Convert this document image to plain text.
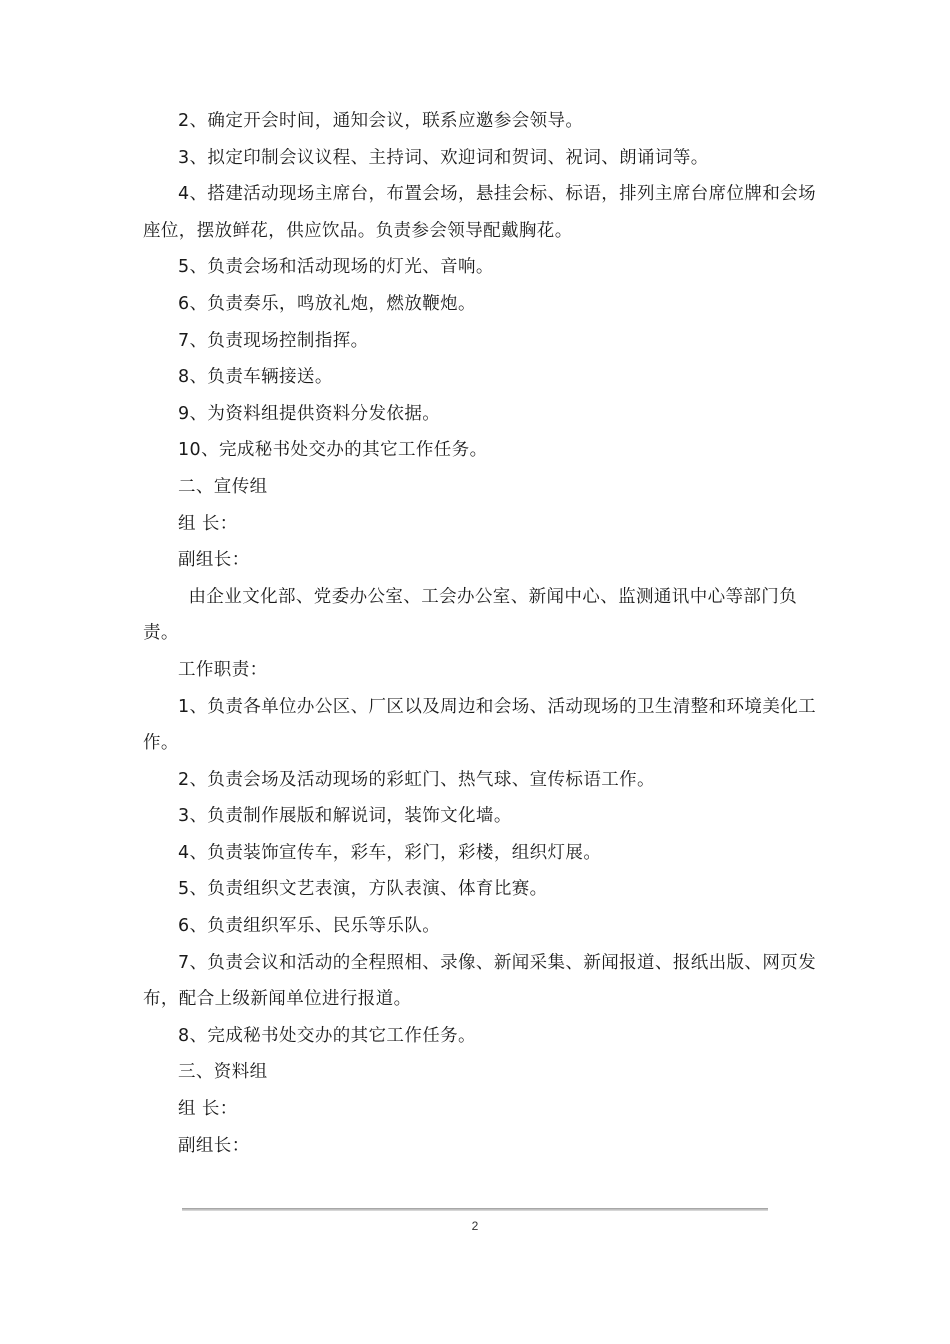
2、确定开会时间，通知会议，联系应邀参会领导。

3、拟定印制会议议程、主持词、欢迎词和贺词、祝词、朗诵词等。

4、搭建活动现场主席台，布置会场，悬挂会标、标语，排列主席台席位牌和会场座位，摆放鲜花，供应饮品。负责参会领导配戴胸花。

5、负责会场和活动现场的灯光、音响。

6、负责奏乐，鸣放礼炮，燃放鞭炮。

7、负责现场控制指挥。

8、负责车辆接送。

9、为资料组提供资料分发依据。

10、完成秘书处交办的其它工作任务。

二、宣传组

组 长：

副组长：

由企业文化部、党委办公室、工会办公室、新闻中心、监测通讯中心等部门负责。

工作职责：

1、负责各单位办公区、厂区以及周边和会场、活动现场的卫生清整和环境美化工作。

2、负责会场及活动现场的彩虹门、热气球、宣传标语工作。

3、负责制作展版和解说词，装饰文化墙。

4、负责装饰宣传车，彩车，彩门，彩楼，组织灯展。

5、负责组织文艺表演，方队表演、体育比赛。

6、负责组织军乐、民乐等乐队。

7、负责会议和活动的全程照相、录像、新闻采集、新闻报道、报纸出版、网页发布，配合上级新闻单位进行报道。

8、完成秘书处交办的其它工作任务。

三、资料组

组 长：

副组长：

2
